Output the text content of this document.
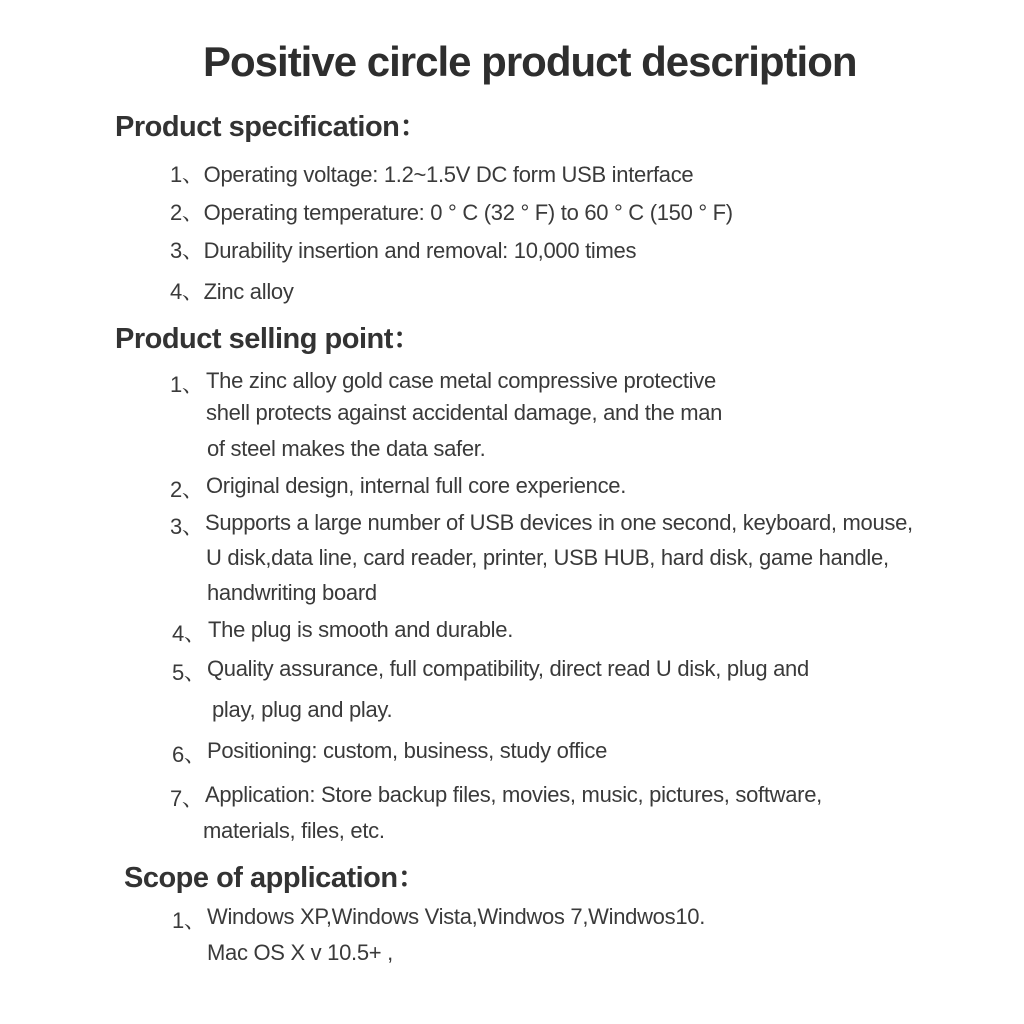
Positive circle product description
Product specification：

1、Operating voltage: 1.2~1.5V DC form USB interface

2、Operating temperature: 0 ° C (32 ° F) to 60 ° C (150 ° F)

3、Durability insertion and removal: 10,000 times

4、Zinc alloy

Product selling point：
1、 The zinc alloy gold case metal compressive protective

shell protects against accidental damage, and the man

of steel makes the data safer.

2、 Original design, internal full core experience.

3、 Supports a large number of USB devices in one second, keyboard, mouse,

U disk,data line, card reader, printer, USB HUB, hard disk, game handle,

handwriting board

4、 The plug is smooth and durable.

5、 Quality assurance, full compatibility, direct read U disk, plug and

play, plug and play.

6、 Positioning: custom, business, study office

7、 Application: Store backup files, movies, music, pictures, software,

materials, files, etc.

Scope of application：
1、 Windows XP,Windows Vista,Windwos 7,Windwos10.

Mac OS X v 10.5+ ,
